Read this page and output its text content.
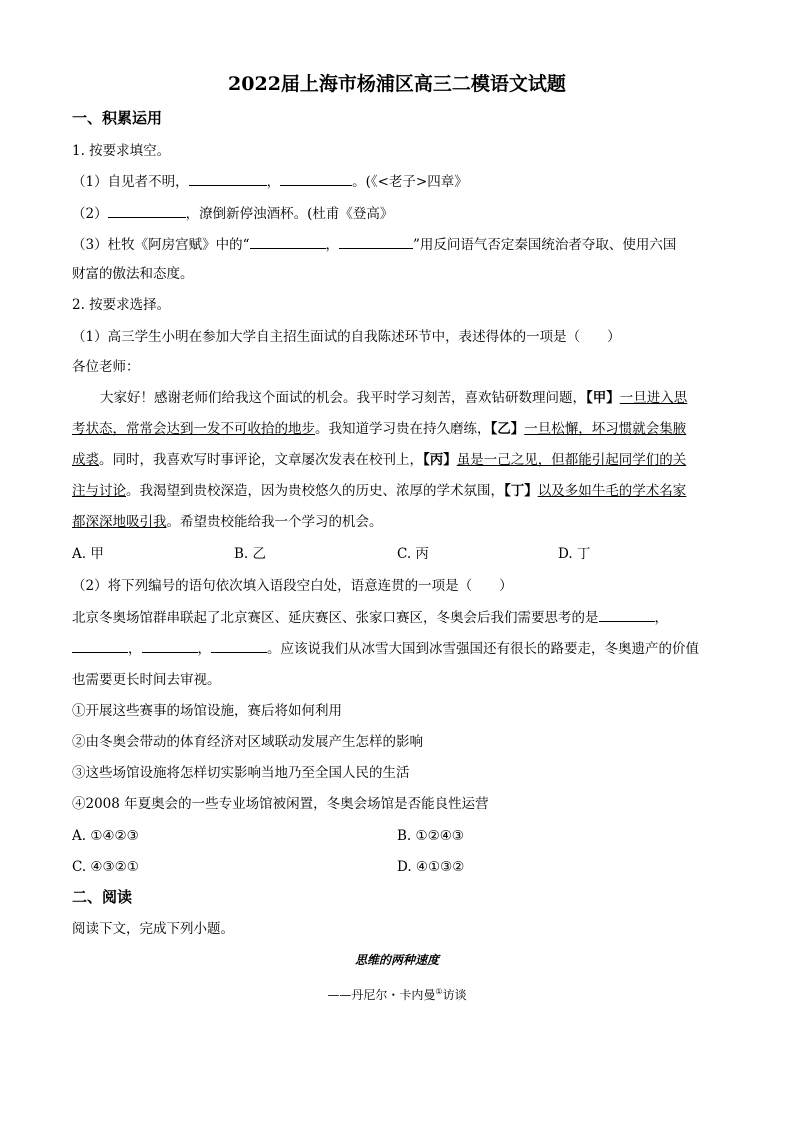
2022届上海市杨浦区高三二模语文试题
一、积累运用
1. 按要求填空。
（1）自见者不明，	，	。(《<老子>四章》
（2）	，潦倒新停浊酒杯。(杜甫《登高》
（3）杜牧《阿房宫赋》中的“	，	”用反问语气否定秦国统治者夺取、使用六国
财富的傲法和态度。
2. 按要求选择。
（1）高三学生小明在参加大学自主招生面试的自我陈述环节中，表述得体的一项是（　　）
各位老师：
大家好！感谢老师们给我这个面试的机会。我平时学习刻苦，喜欢钻研数理问题，【甲】一旦进入思
考状态，常常会达到一发不可收拾的地步。我知道学习贵在持久磨练，【乙】一旦松懈，坏习惯就会集腋
成裘。同时，我喜欢写时事评论，文章屡次发表在校刊上，【丙】虽是一己之见，但都能引起同学们的关
注与讨论。我渴望到贵校深造，因为贵校悠久的历史、浓厚的学术氛围，【丁】以及多如牛毛的学术名家
都深深地吸引我。希望贵校能给我一个学习的机会。
A. 甲	B. 乙	C. 丙	D. 丁
（2）将下列编号的语句依次填入语段空白处，语意连贯的一项是（　　）
北京冬奥场馆群串联起了北京赛区、延庆赛区、张家口赛区，冬奥会后我们需要思考的是	，
，	，	。应该说我们从冰雪大国到冰雪强国还有很长的路要走，冬奥遗产的价值
也需要更长时间去审视。
①开展这些赛事的场馆设施，赛后将如何利用
②由冬奥会带动的体育经济对区域联动发展产生怎样的影响
③这些场馆设施将怎样切实影响当地乃至全国人民的生活
④2008 年夏奥会的一些专业场馆被闲置，冬奥会场馆是否能良性运营
A. ①④②③	B. ①②④③
C. ④③②①	D. ④①③②
二、阅读
阅读下文，完成下列小题。
思维的两种速度
——丹尼尔・卡内曼①访谈
